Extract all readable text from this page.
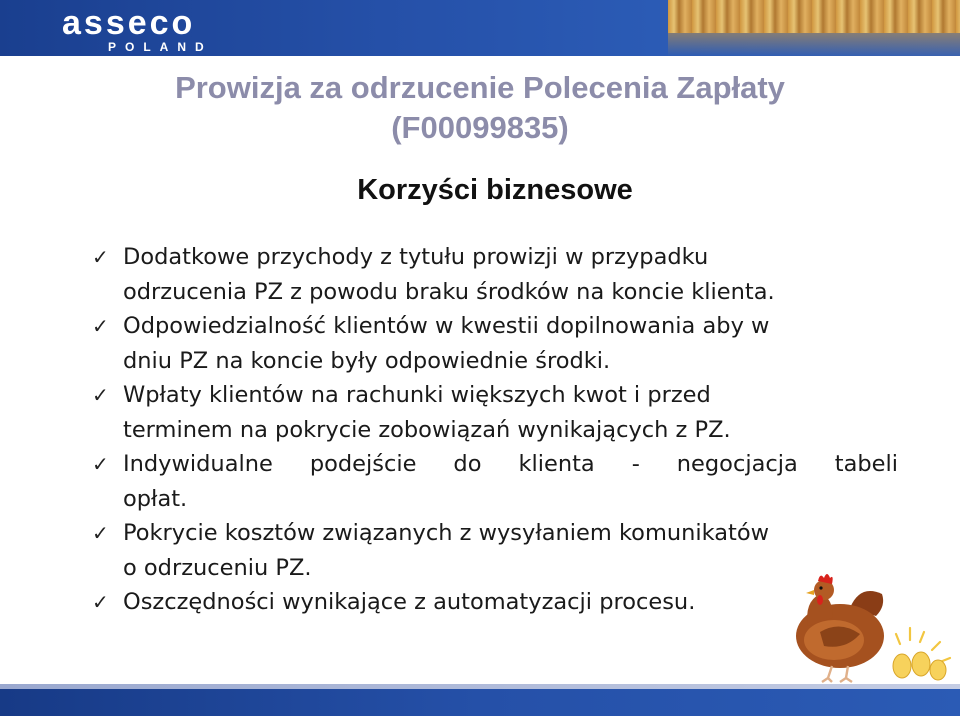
asseco
POLAND
Prowizja za odrzucenie Polecenia Zapłaty
(F00099835)
Korzyści biznesowe
✓ Dodatkowe przychody z tytułu prowizji w przypadku
odrzucenia PZ z powodu braku środków na koncie klienta.
✓ Odpowiedzialność klientów w kwestii dopilnowania aby w
dniu PZ na koncie były odpowiednie środki.
✓ Wpłaty klientów na rachunki większych kwot i przed
terminem na pokrycie zobowiązań wynikających z PZ.
✓ Indywidualne podejście do klienta - negocjacja tabeli
opłat.
✓ Pokrycie kosztów związanych z wysyłaniem komunikatów
o odrzuceniu PZ.
✓ Oszczędności wynikające z automatyzacji procesu.
